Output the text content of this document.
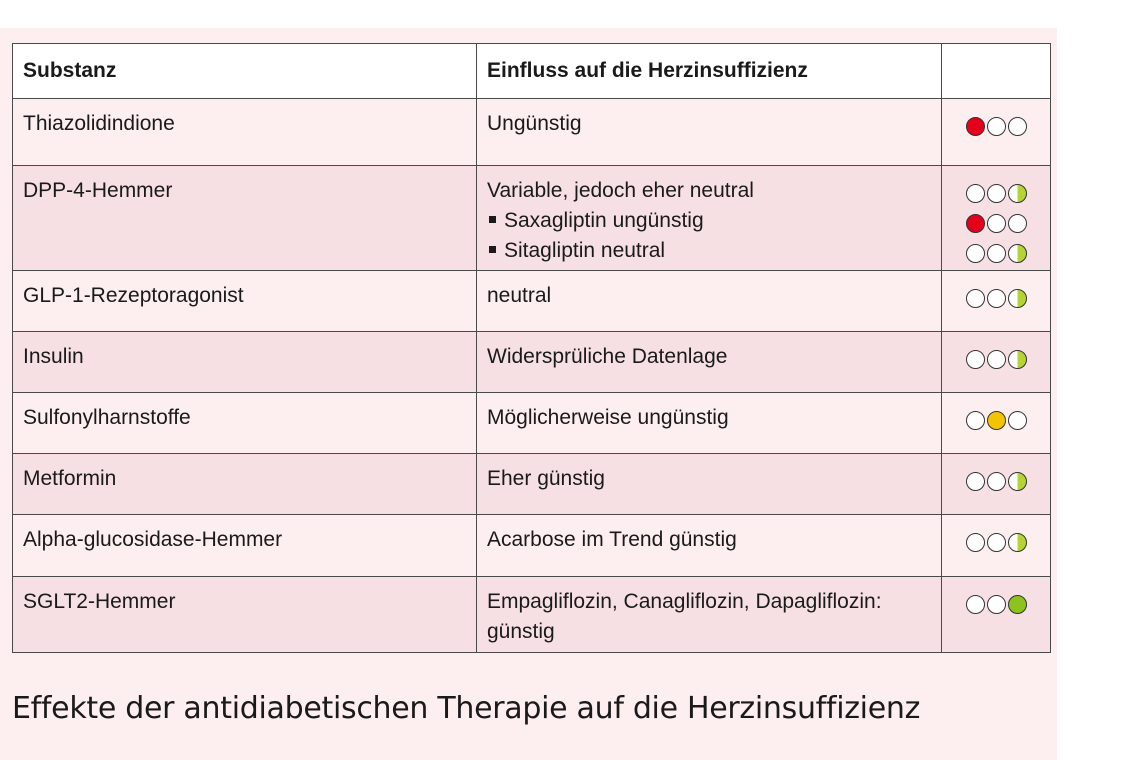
Substanz	Einfluss auf die Herzinsuffizienz	

Thiazolidindione	Ungünstig	

DPP-4-Hemmer	Variable, jedoch eher neutral
Saxagliptin ungünstig
Sitagliptin neutral	

GLP-1-Rezeptoragonist	neutral	

Insulin	Widersprüliche Datenlage	

Sulfonylharnstoffe	Möglicherweise ungünstig	

Metformin	Eher günstig	

Alpha-glucosidase-Hemmer	Acarbose im Trend günstig	

SGLT2-Hemmer	Empagliflozin, Canagliflozin, Dapagliflozin:
günstig	

Effekte der antidiabetischen Therapie auf die Herzinsuffizienz
